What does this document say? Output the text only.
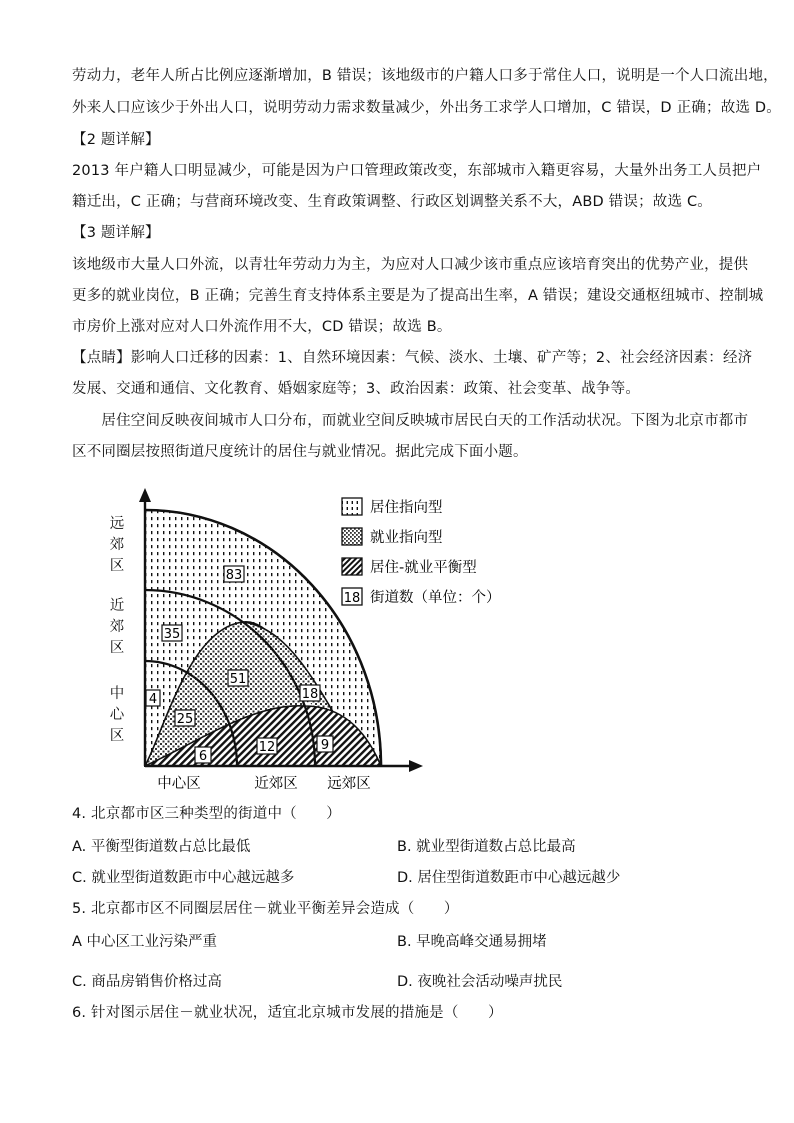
劳动力，老年人所占比例应逐渐增加，B 错误；该地级市的户籍人口多于常住人口，说明是一个人口流出地，
外来人口应该少于外出人口，说明劳动力需求数量减少，外出务工求学人口增加，C 错误，D 正确；故选 D。
【2 题详解】
2013 年户籍人口明显减少，可能是因为户口管理政策改变，东部城市入籍更容易，大量外出务工人员把户
籍迁出，C 正确；与营商环境改变、生育政策调整、行政区划调整关系不大，ABD 错误；故选 C。
【3 题详解】
该地级市大量人口外流，以青壮年劳动力为主，为应对人口减少该市重点应该培育突出的优势产业，提供
更多的就业岗位，B 正确；完善生育支持体系主要是为了提高出生率，A 错误；建设交通枢纽城市、控制城
市房价上涨对应对人口外流作用不大，CD 错误；故选 B。
【点睛】影响人口迁移的因素：1、自然环境因素：气候、淡水、土壤、矿产等；2、社会经济因素：经济
发展、交通和通信、文化教育、婚姻家庭等；3、政治因素：政策、社会变革、战争等。
　　居住空间反映夜间城市人口分布，而就业空间反映城市居民白天的工作活动状况。下图为北京市都市
区不同圈层按照街道尺度统计的居住与就业情况。据此完成下面小题。
83
35
4
51
25
18
6
12	9
中心区	近郊区 远郊区
远郊区
近郊区
中心区
居住指向型
就业指向型
居住-就业平衡型
18 街道数（单位：个）
4. 北京都市区三种类型的街道中（　　）
A. 平衡型街道数占总比最低	B. 就业型街道数占总比最高
C. 就业型街道数距市中心越远越多	D. 居住型街道数距市中心越远越少
5. 北京都市区不同圈层居住－就业平衡差异会造成（　　）
A 中心区工业污染严重	B. 早晚高峰交通易拥堵
C. 商品房销售价格过高	D. 夜晚社会活动噪声扰民
6. 针对图示居住－就业状况，适宜北京城市发展的措施是（　　）
